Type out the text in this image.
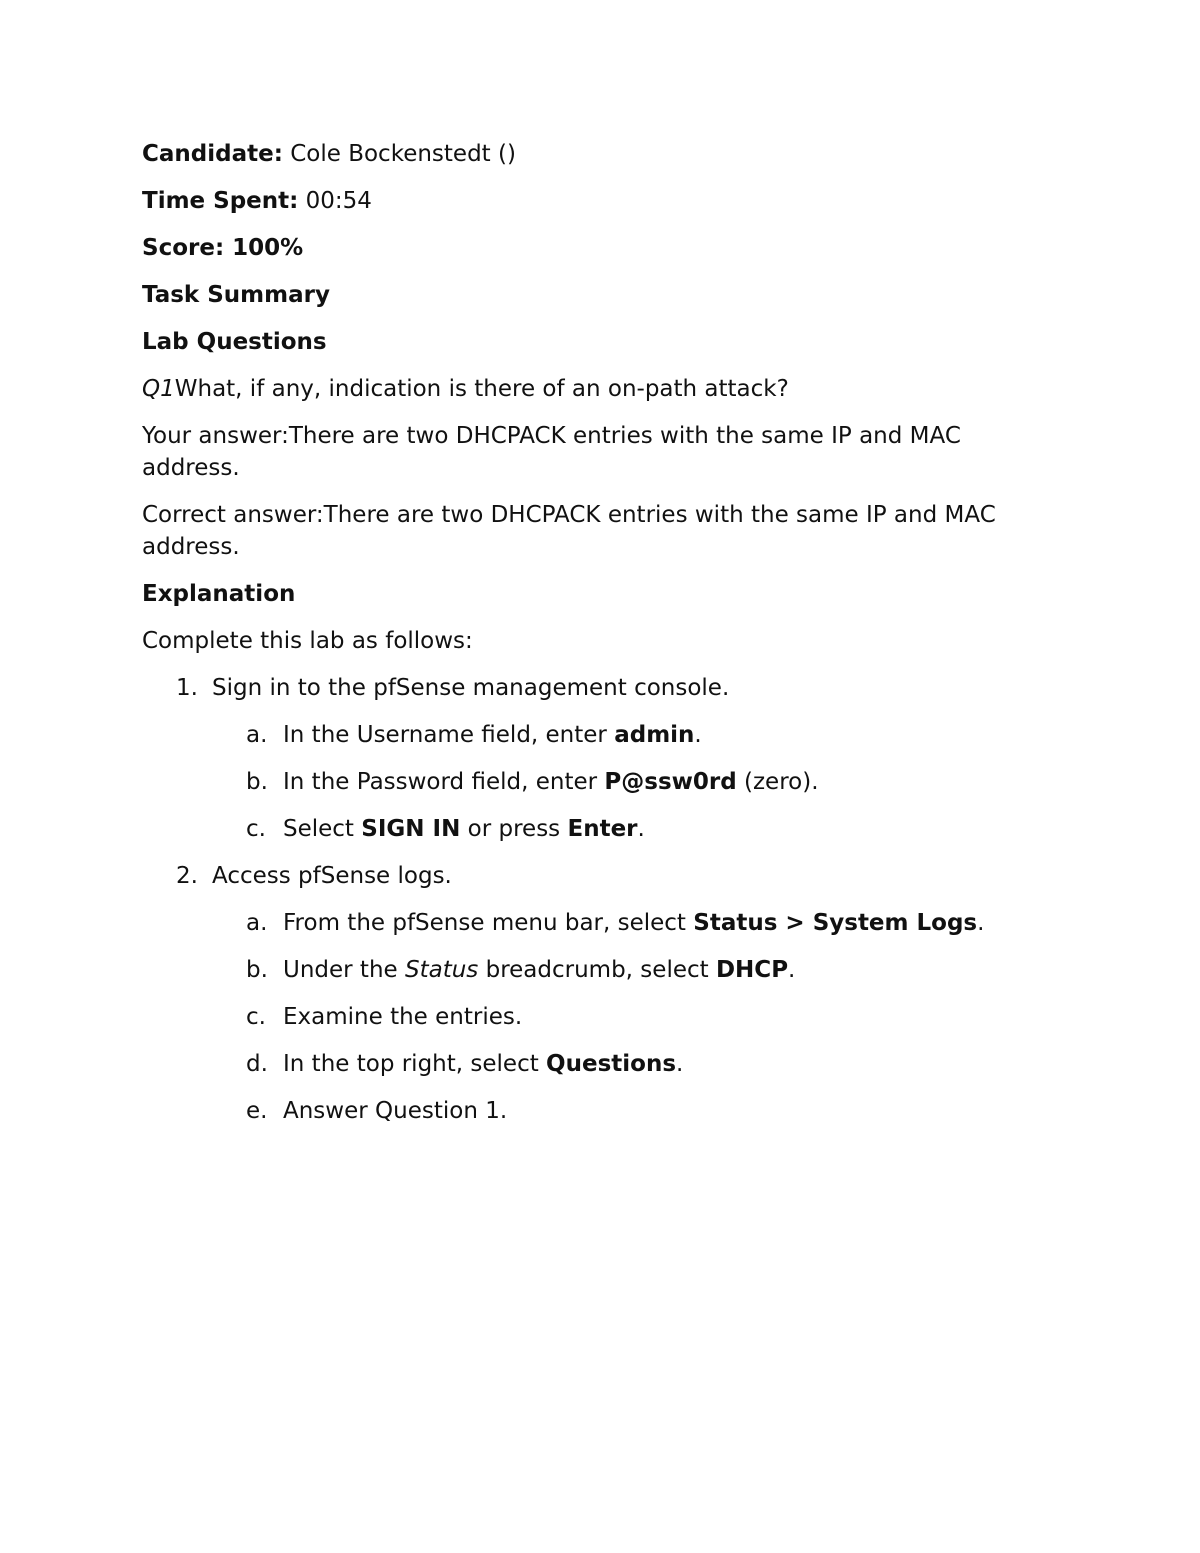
Candidate: Cole Bockenstedt ()

Time Spent: 00:54

Score: 100%

Task Summary

Lab Questions

Q1What, if any, indication is there of an on-path attack?

Your answer:There are two DHCPACK entries with the same IP and MAC address.

Correct answer:There are two DHCPACK entries with the same IP and MAC address.

Explanation

Complete this lab as follows:

1. Sign in to the pfSense management console.
a. In the Username field, enter admin.
b. In the Password field, enter P@ssw0rd (zero).
c. Select SIGN IN or press Enter.
2. Access pfSense logs.
a. From the pfSense menu bar, select Status > System Logs.
b. Under the Status breadcrumb, select DHCP.
c. Examine the entries.
d. In the top right, select Questions.
e. Answer Question 1.
